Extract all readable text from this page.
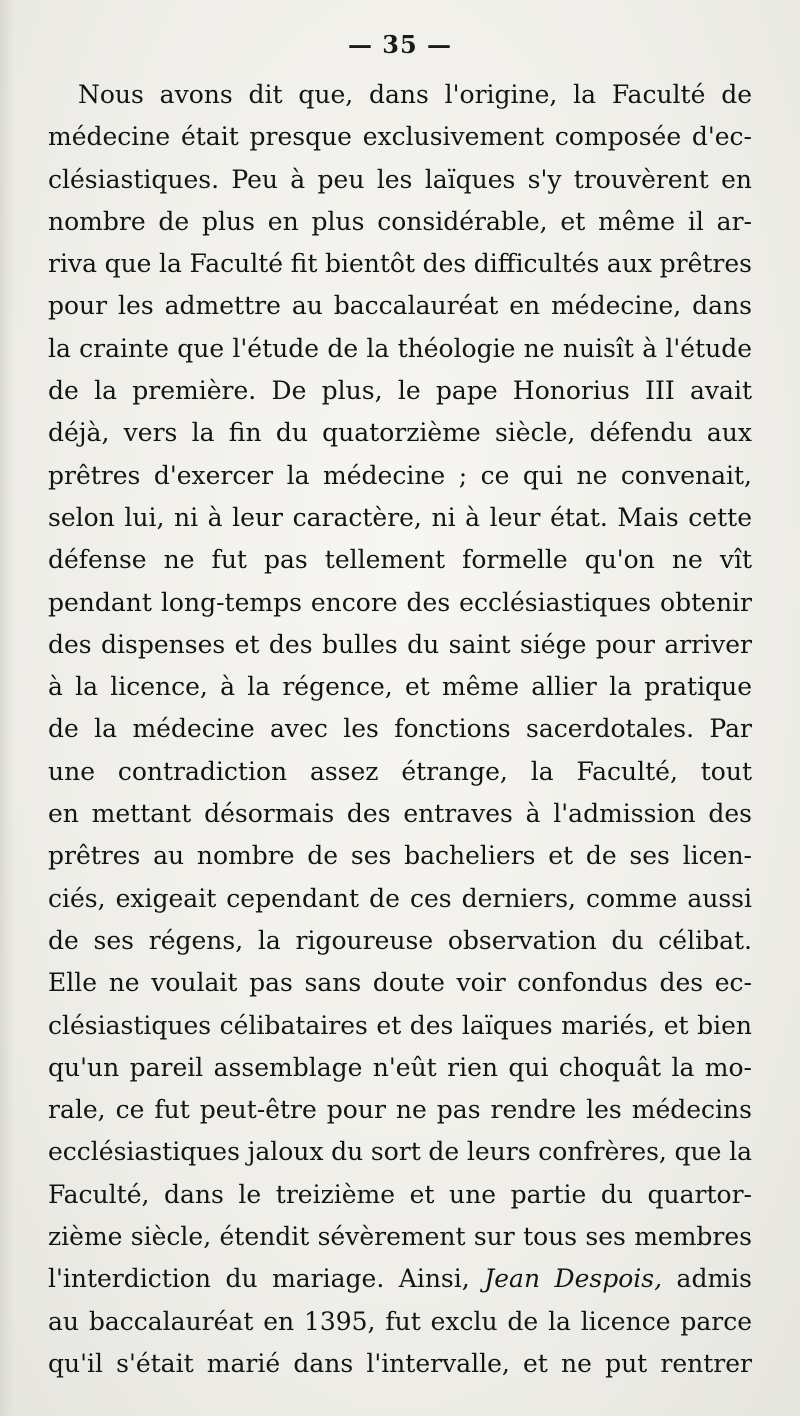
— 35 —
Nous avons dit que, dans l'origine, la Faculté de
médecine était presque exclusivement composée d'ec-
clésiastiques. Peu à peu les laïques s'y trouvèrent en
nombre de plus en plus considérable, et même il ar-
riva que la Faculté fit bientôt des difficultés aux prêtres
pour les admettre au baccalauréat en médecine, dans
la crainte que l'étude de la théologie ne nuisît à l'étude
de la première. De plus, le pape Honorius III avait
déjà, vers la fin du quatorzième siècle, défendu aux
prêtres d'exercer la médecine ; ce qui ne convenait,
selon lui, ni à leur caractère, ni à leur état. Mais cette
défense ne fut pas tellement formelle qu'on ne vît
pendant long-temps encore des ecclésiastiques obtenir
des dispenses et des bulles du saint siége pour arriver
à la licence, à la régence, et même allier la pratique
de la médecine avec les fonctions sacerdotales. Par
une contradiction assez étrange, la Faculté, tout
en mettant désormais des entraves à l'admission des
prêtres au nombre de ses bacheliers et de ses licen-
ciés, exigeait cependant de ces derniers, comme aussi
de ses régens, la rigoureuse observation du célibat.
Elle ne voulait pas sans doute voir confondus des ec-
clésiastiques célibataires et des laïques mariés, et bien
qu'un pareil assemblage n'eût rien qui choquât la mo-
rale, ce fut peut-être pour ne pas rendre les médecins
ecclésiastiques jaloux du sort de leurs confrères, que la
Faculté, dans le treizième et une partie du quartor-
zième siècle, étendit sévèrement sur tous ses membres
l'interdiction du mariage. Ainsi, Jean Despois, admis
au baccalauréat en 1395, fut exclu de la licence parce
qu'il s'était marié dans l'intervalle, et ne put rentrer
